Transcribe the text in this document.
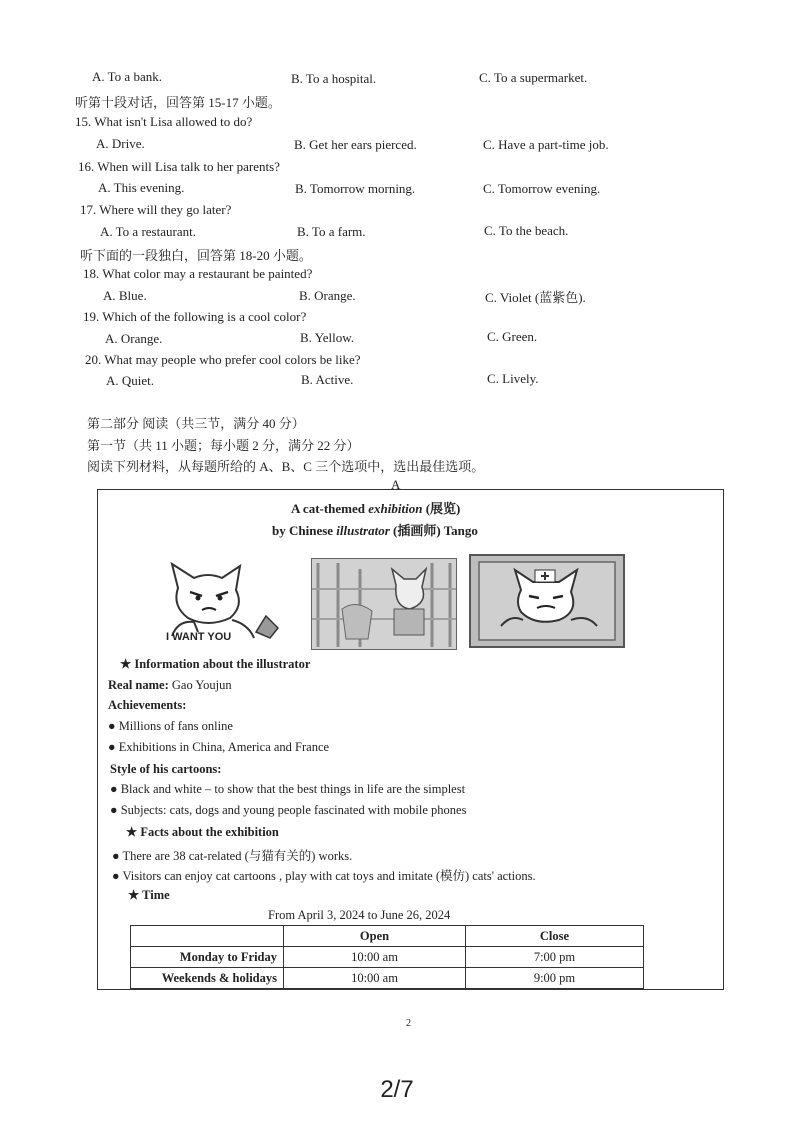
A. To a bank.	B. To a hospital.	C. To a supermarket.
听第十段对话，回答第 15-17 小题。
15. What isn't Lisa allowed to do?
A. Drive.	B. Get her ears pierced.	C. Have a part-time job.
16. When will Lisa talk to her parents?
A. This evening.	B. Tomorrow morning.	C. Tomorrow evening.
17. Where will they go later?
A. To a restaurant.	B. To a farm.	C. To the beach.
听下面的一段独白，回答第 18-20 小题。
18. What color may a restaurant be painted?
A. Blue.	B. Orange.	C. Violet (蓝紫色).
19. Which of the following is a cool color?
A. Orange.	B. Yellow.	C. Green.
20. What may people who prefer cool colors be like?
A. Quiet.	B. Active.	C. Lively.
第二部分 阅读（共三节，满分 40 分）
第一节（共 11 小题；每小题 2 分，满分 22 分）
阅读下列材料，从每题所给的 A、B、C 三个选项中，选出最佳选项。
A
A cat-themed exhibition (展览)
by Chinese illustrator (插画师) Tango
I WANT YOU
★ Information about the illustrator
Real name: Gao Youjun
Achievements:
● Millions of fans online
● Exhibitions in China, America and France
Style of his cartoons:
● Black and white – to show that the best things in life are the simplest
● Subjects: cats, dogs and young people fascinated with mobile phones
★ Facts about the exhibition
● There are 38 cat-related (与猫有关的) works.
● Visitors can enjoy cat cartoons , play with cat toys and imitate (模仿) cats' actions.
★ Time
From April 3, 2024 to June 26, 2024
	Open	Close
Monday to Friday	10:00 am	7:00 pm
Weekends & holidays	10:00 am	9:00 pm
2
2/7
